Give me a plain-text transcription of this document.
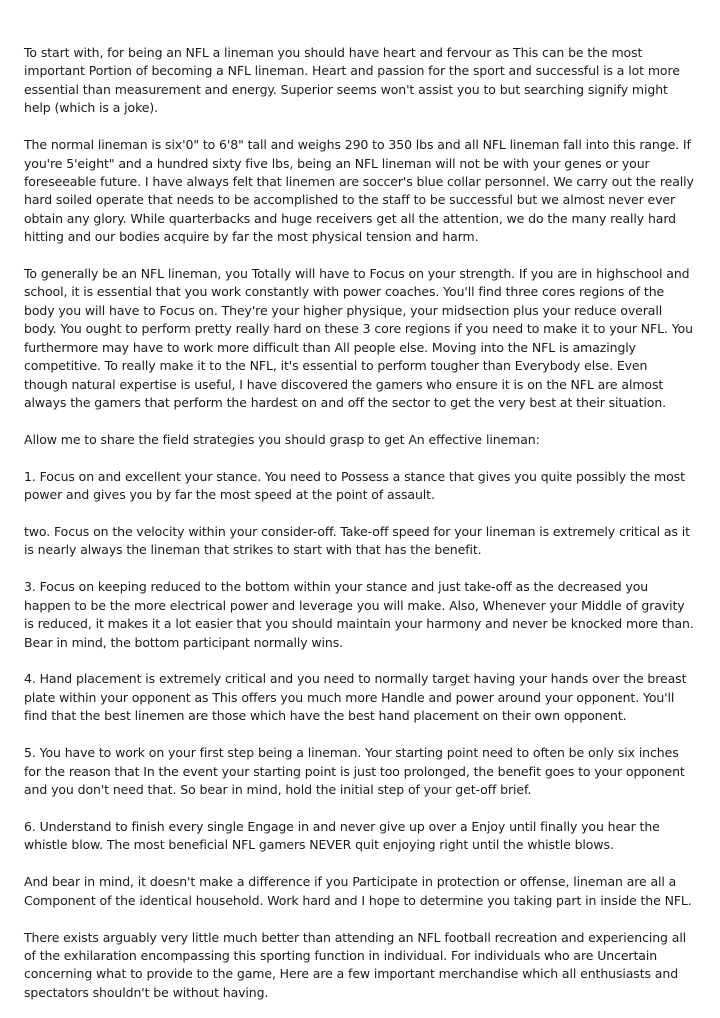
To start with, for being an NFL a lineman you should have heart and fervour as This can be the most important Portion of becoming a NFL lineman. Heart and passion for the sport and successful is a lot more essential than measurement and energy. Superior seems won't assist you to but searching signify might help (which is a joke).

The normal lineman is six'0" to 6'8" tall and weighs 290 to 350 lbs and all NFL lineman fall into this range. If you're 5'eight" and a hundred sixty five lbs, being an NFL lineman will not be with your genes or your foreseeable future. I have always felt that linemen are soccer's blue collar personnel. We carry out the really hard soiled operate that needs to be accomplished to the staff to be successful but we almost never ever obtain any glory. While quarterbacks and huge receivers get all the attention, we do the many really hard hitting and our bodies acquire by far the most physical tension and harm.

To generally be an NFL lineman, you Totally will have to Focus on your strength. If you are in highschool and school, it is essential that you work constantly with power coaches. You'll find three cores regions of the body you will have to Focus on. They're your higher physique, your midsection plus your reduce overall body. You ought to perform pretty really hard on these 3 core regions if you need to make it to your NFL. You furthermore may have to work more difficult than All people else. Moving into the NFL is amazingly competitive. To really make it to the NFL, it's essential to perform tougher than Everybody else. Even though natural expertise is useful, I have discovered the gamers who ensure it is on the NFL are almost always the gamers that perform the hardest on and off the sector to get the very best at their situation.

Allow me to share the field strategies you should grasp to get An effective lineman:

1. Focus on and excellent your stance. You need to Possess a stance that gives you quite possibly the most power and gives you by far the most speed at the point of assault.

two. Focus on the velocity within your consider-off. Take-off speed for your lineman is extremely critical as it is nearly always the lineman that strikes to start with that has the benefit.

3. Focus on keeping reduced to the bottom within your stance and just take-off as the decreased you happen to be the more electrical power and leverage you will make. Also, Whenever your Middle of gravity is reduced, it makes it a lot easier that you should maintain your harmony and never be knocked more than. Bear in mind, the bottom participant normally wins.

4. Hand placement is extremely critical and you need to normally target having your hands over the breast plate within your opponent as This offers you much more Handle and power around your opponent. You'll find that the best linemen are those which have the best hand placement on their own opponent.

5. You have to work on your first step being a lineman. Your starting point need to often be only six inches for the reason that In the event your starting point is just too prolonged, the benefit goes to your opponent and you don't need that. So bear in mind, hold the initial step of your get-off brief.

6. Understand to finish every single Engage in and never give up over a Enjoy until finally you hear the whistle blow. The most beneficial NFL gamers NEVER quit enjoying right until the whistle blows.

And bear in mind, it doesn't make a difference if you Participate in protection or offense, lineman are all a Component of the identical household. Work hard and I hope to determine you taking part in inside the NFL.

There exists arguably very little much better than attending an NFL football recreation and experiencing all of the exhilaration encompassing this sporting function in individual. For individuals who are Uncertain concerning what to provide to the game, Here are a few important merchandise which all enthusiasts and spectators shouldn't be without having.
